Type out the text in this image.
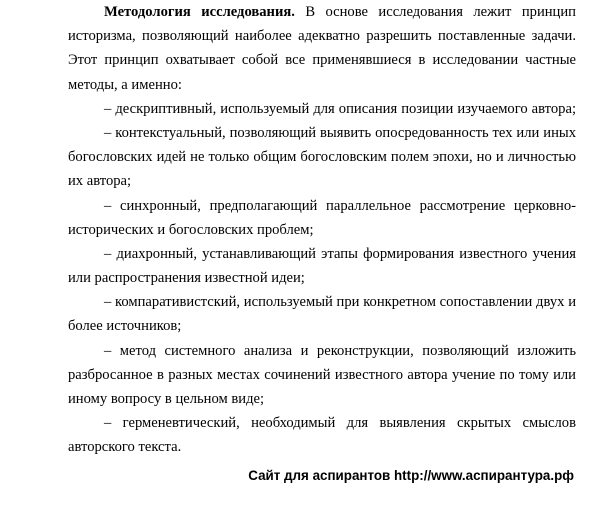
Методология исследования. В основе исследования лежит принцип
историзма, позволяющий наиболее адекватно разрешить поставленные задачи.
Этот принцип охватывает собой все применявшиеся в исследовании частные
методы, а именно:
– дескриптивный, используемый для описания позиции изучаемого автора;
– контекстуальный, позволяющий выявить опосредованность тех или иных
богословских идей не только общим богословским полем эпохи, но и личностью
их автора;
– синхронный, предполагающий параллельное рассмотрение церковно-
исторических и богословских проблем;
– диахронный, устанавливающий этапы формирования известного учения
или распространения известной идеи;
– компаративистский, используемый при конкретном сопоставлении двух и
более источников;
– метод системного анализа и реконструкции, позволяющий изложить
разбросанное в разных местах сочинений известного автора учение по тому или
иному вопросу в цельном виде;
– герменевтический, необходимый для выявления скрытых смыслов
авторского текста.
Сайт для аспирантов http://www.аспирантура.рф
